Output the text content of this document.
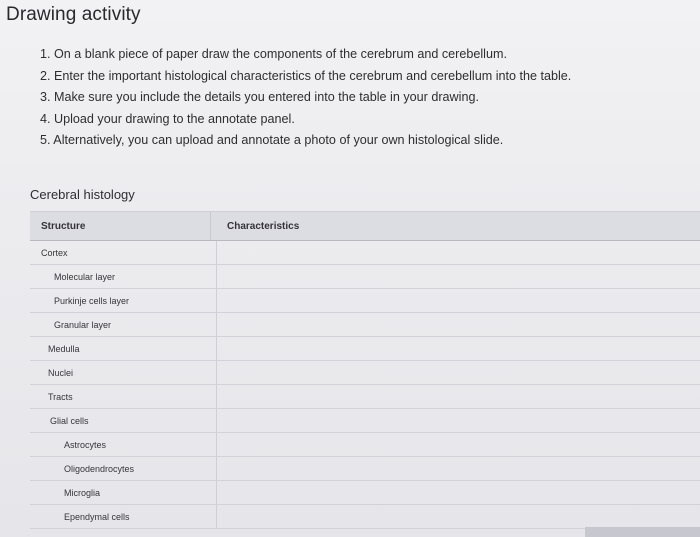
Drawing activity
1. On a blank piece of paper draw the components of the cerebrum and cerebellum.
2. Enter the important histological characteristics of the cerebrum and cerebellum into the table.
3. Make sure you include the details you entered into the table in your drawing.
4. Upload your drawing to the annotate panel.
5. Alternatively, you can upload and annotate a photo of your own histological slide.
Cerebral histology
Structure	Characteristics
Cortex
Molecular layer
Purkinje cells layer
Granular layer
Medulla
Nuclei
Tracts
Glial cells
Astrocytes
Oligodendrocytes
Microglia
Ependymal cells
